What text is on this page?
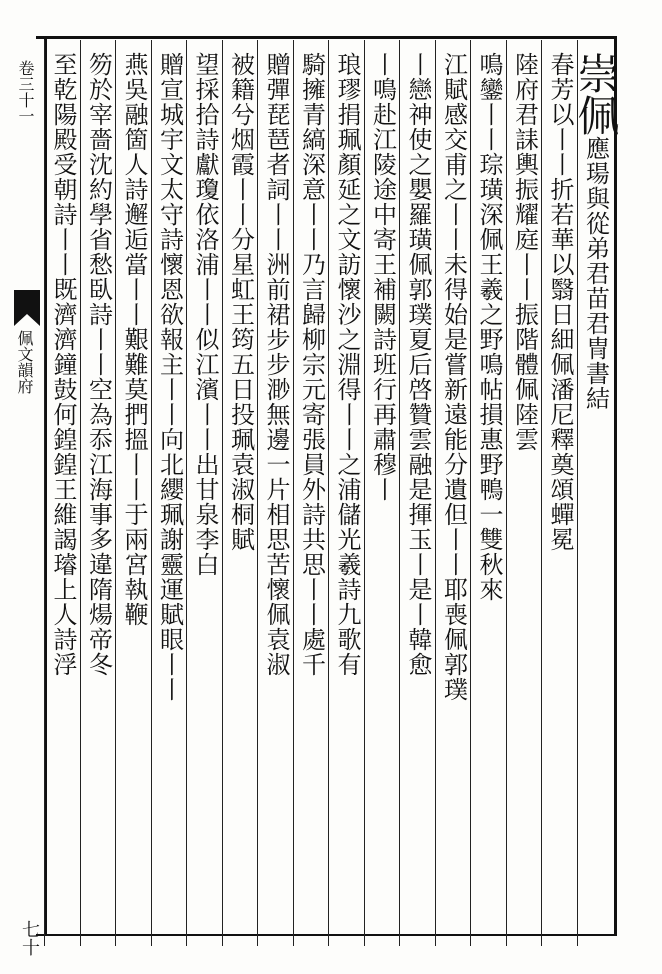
卷三十一
佩文韻府
七十
崇佩應瑒與從弟君苗君冑書結
春芳以丨丨折若華以翳日細佩潘尼釋奠頌蟬冕
陸府君誄輿振耀庭丨丨振階體佩陸雲
鳴鑾丨丨琮璜深佩王羲之野鳴帖損惠野鴨一雙秋來
江賦感交甫之丨丨未得始是嘗新遠能分遺但丨丨耶喪佩郭璞
丨戀神使之嬰羅璜佩郭璞夏后啓贊雲融是揮玉丨是丨韓愈
丨鳴赴江陵途中寄王補闕詩班行再肅穆丨
琅璆捐珮顏延之文訪懷沙之淵得丨丨之浦儲光羲詩九歌有
騎擁青縞深意丨丨乃言歸柳宗元寄張員外詩共思丨丨處千
贈彈琵琶者詞丨丨洲前裙步步渺無邊一片相思苦懷佩袁淑
被籍兮烟霞丨丨分星虹王筠五日投珮袁淑桐賦
望採拾詩獻瓊依洛浦丨丨似江濱丨丨出甘泉李白
贈宣城宇文太守詩懷恩欲報主丨丨向北纓珮謝靈運賦眼丨丨
燕吳融箇人詩邂逅當丨丨艱難莫捫搵丨丨于兩宮執鞭
笏於宰嗇沈約學省愁臥詩丨丨空為忝江海事多違隋煬帝冬
至乾陽殿受朝詩丨丨既濟濟鐘鼓何鍠鍠王維謁璿上人詩浮
